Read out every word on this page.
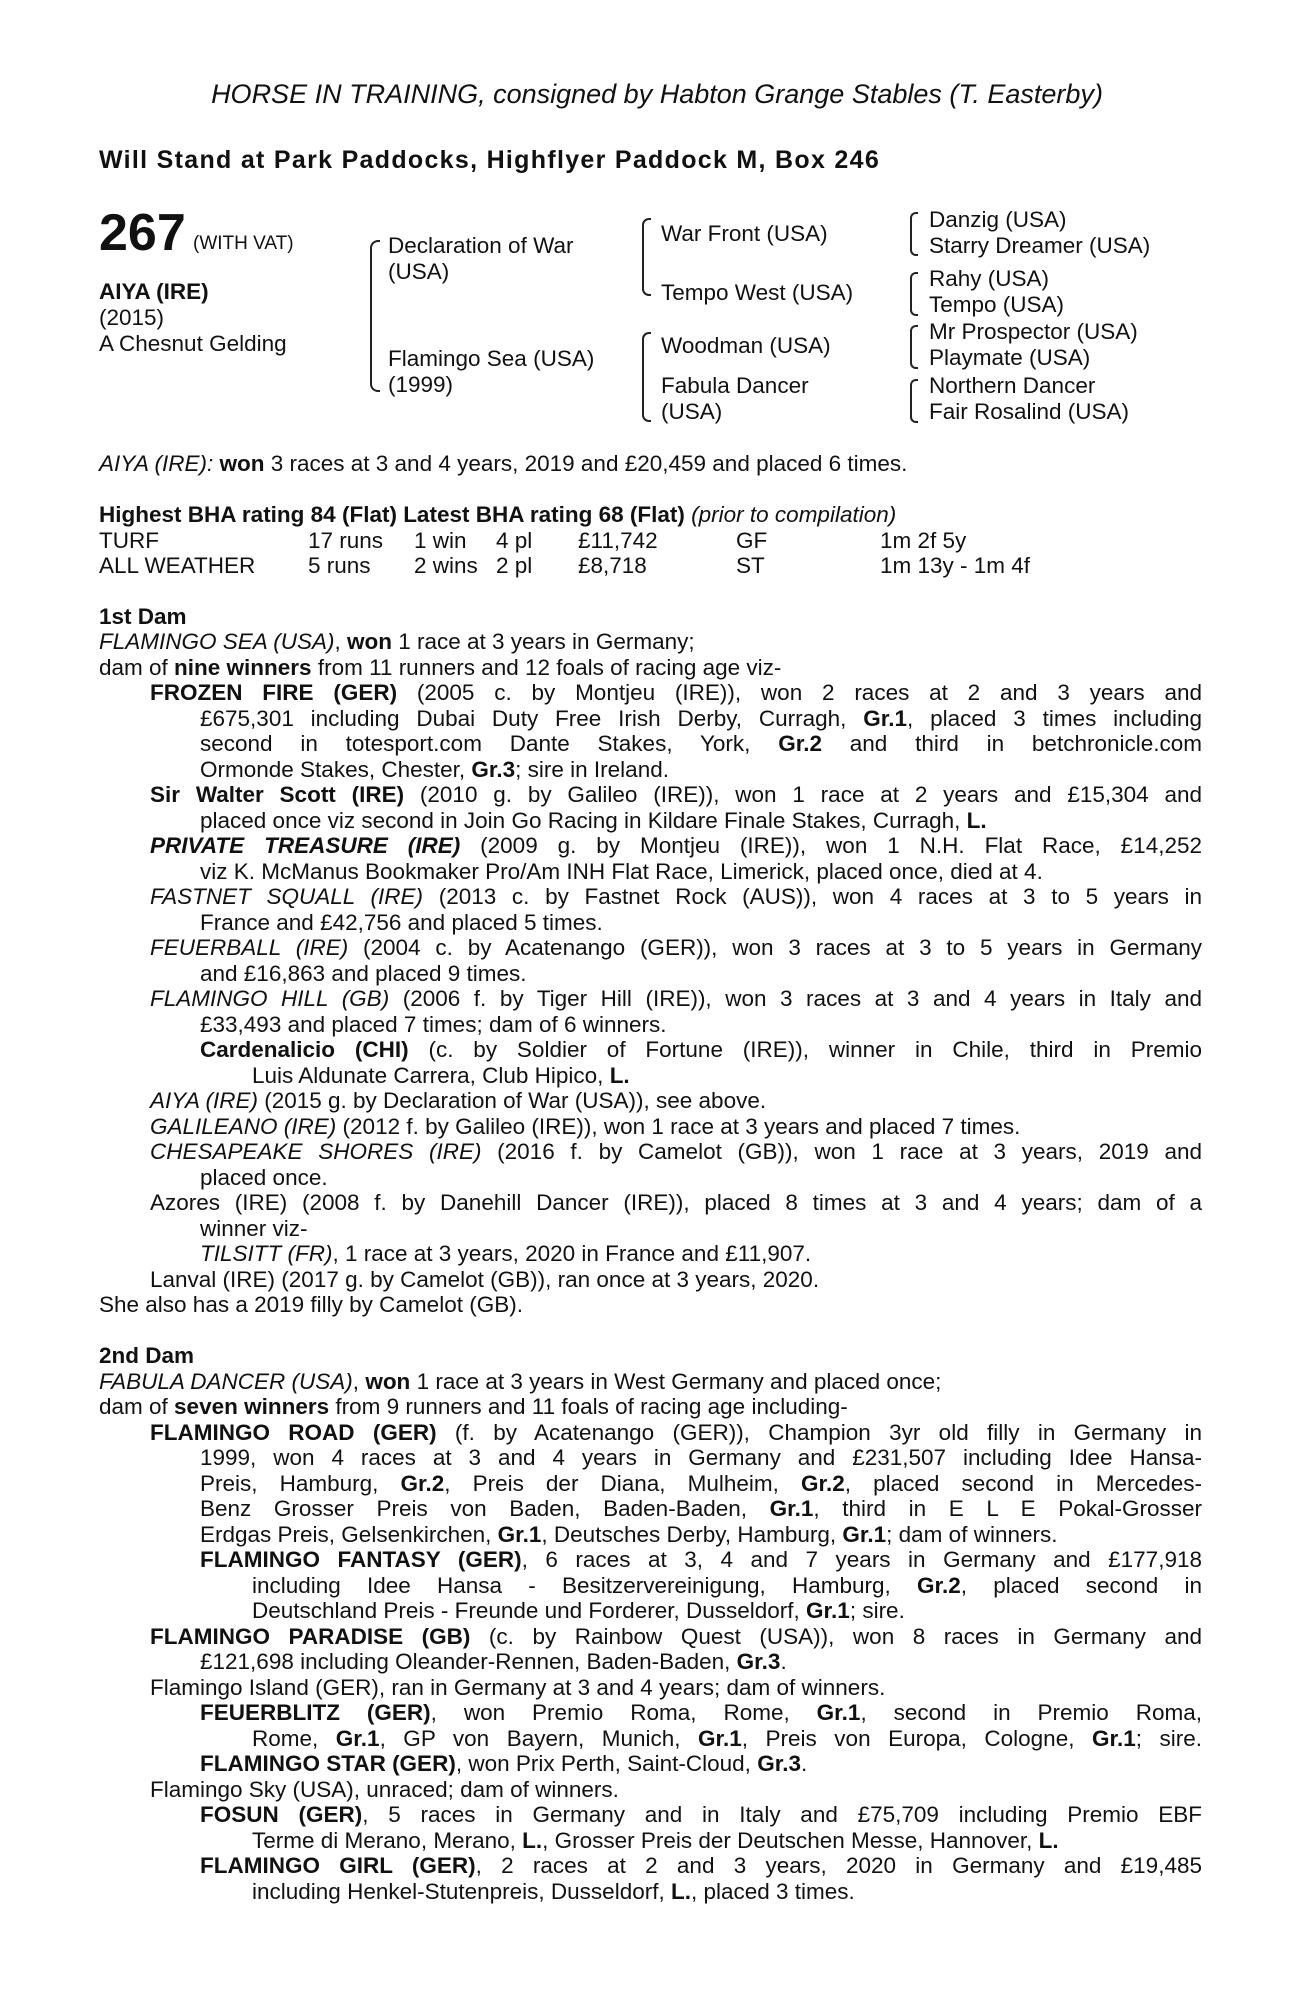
HORSE IN TRAINING, consigned by Habton Grange Stables (T. Easterby)
Will Stand at Park Paddocks, Highflyer Paddock M, Box 246
267 (WITH VAT)
AIYA (IRE)
(2015)
A Chesnut Gelding
Declaration of War
(USA)
Flamingo Sea (USA)
(1999)
War Front (USA)
Tempo West (USA)
Woodman (USA)
Fabula Dancer
(USA)
Danzig (USA)
Starry Dreamer (USA)
Rahy (USA)
Tempo (USA)
Mr Prospector (USA)
Playmate (USA)
Northern Dancer
Fair Rosalind (USA)
AIYA (IRE): won 3 races at 3 and 4 years, 2019 and £20,459 and placed 6 times.
Highest BHA rating 84 (Flat) Latest BHA rating 68 (Flat) (prior to compilation)
TURF	17 runs	1 win	4 pl	£11,742	GF	1m 2f 5y
ALL WEATHER	5 runs	2 wins	2 pl	£8,718	ST	1m 13y - 1m 4f
1st Dam
FLAMINGO SEA (USA), won 1 race at 3 years in Germany;
dam of nine winners from 11 runners and 12 foals of racing age viz-
FROZEN FIRE (GER) (2005 c. by Montjeu (IRE)), won 2 races at 2 and 3 years and
£675,301 including Dubai Duty Free Irish Derby, Curragh, Gr.1, placed 3 times including
second in totesport.com Dante Stakes, York, Gr.2 and third in betchronicle.com
Ormonde Stakes, Chester, Gr.3; sire in Ireland.
Sir Walter Scott (IRE) (2010 g. by Galileo (IRE)), won 1 race at 2 years and £15,304 and
placed once viz second in Join Go Racing in Kildare Finale Stakes, Curragh, L.
PRIVATE TREASURE (IRE) (2009 g. by Montjeu (IRE)), won 1 N.H. Flat Race, £14,252
viz K. McManus Bookmaker Pro/Am INH Flat Race, Limerick, placed once, died at 4.
FASTNET SQUALL (IRE) (2013 c. by Fastnet Rock (AUS)), won 4 races at 3 to 5 years in
France and £42,756 and placed 5 times.
FEUERBALL (IRE) (2004 c. by Acatenango (GER)), won 3 races at 3 to 5 years in Germany
and £16,863 and placed 9 times.
FLAMINGO HILL (GB) (2006 f. by Tiger Hill (IRE)), won 3 races at 3 and 4 years in Italy and
£33,493 and placed 7 times; dam of 6 winners.
Cardenalicio (CHI) (c. by Soldier of Fortune (IRE)), winner in Chile, third in Premio
Luis Aldunate Carrera, Club Hipico, L.
AIYA (IRE) (2015 g. by Declaration of War (USA)), see above.
GALILEANO (IRE) (2012 f. by Galileo (IRE)), won 1 race at 3 years and placed 7 times.
CHESAPEAKE SHORES (IRE) (2016 f. by Camelot (GB)), won 1 race at 3 years, 2019 and
placed once.
Azores (IRE) (2008 f. by Danehill Dancer (IRE)), placed 8 times at 3 and 4 years; dam of a
winner viz-
TILSITT (FR), 1 race at 3 years, 2020 in France and £11,907.
Lanval (IRE) (2017 g. by Camelot (GB)), ran once at 3 years, 2020.
She also has a 2019 filly by Camelot (GB).
2nd Dam
FABULA DANCER (USA), won 1 race at 3 years in West Germany and placed once;
dam of seven winners from 9 runners and 11 foals of racing age including-
FLAMINGO ROAD (GER) (f. by Acatenango (GER)), Champion 3yr old filly in Germany in
1999, won 4 races at 3 and 4 years in Germany and £231,507 including Idee Hansa-
Preis, Hamburg, Gr.2, Preis der Diana, Mulheim, Gr.2, placed second in Mercedes-
Benz Grosser Preis von Baden, Baden-Baden, Gr.1, third in E L E Pokal-Grosser
Erdgas Preis, Gelsenkirchen, Gr.1, Deutsches Derby, Hamburg, Gr.1; dam of winners.
FLAMINGO FANTASY (GER), 6 races at 3, 4 and 7 years in Germany and £177,918
including Idee Hansa - Besitzervereinigung, Hamburg, Gr.2, placed second in
Deutschland Preis - Freunde und Forderer, Dusseldorf, Gr.1; sire.
FLAMINGO PARADISE (GB) (c. by Rainbow Quest (USA)), won 8 races in Germany and
£121,698 including Oleander-Rennen, Baden-Baden, Gr.3.
Flamingo Island (GER), ran in Germany at 3 and 4 years; dam of winners.
FEUERBLITZ (GER), won Premio Roma, Rome, Gr.1, second in Premio Roma,
Rome, Gr.1, GP von Bayern, Munich, Gr.1, Preis von Europa, Cologne, Gr.1; sire.
FLAMINGO STAR (GER), won Prix Perth, Saint-Cloud, Gr.3.
Flamingo Sky (USA), unraced; dam of winners.
FOSUN (GER), 5 races in Germany and in Italy and £75,709 including Premio EBF
Terme di Merano, Merano, L., Grosser Preis der Deutschen Messe, Hannover, L.
FLAMINGO GIRL (GER), 2 races at 2 and 3 years, 2020 in Germany and £19,485
including Henkel-Stutenpreis, Dusseldorf, L., placed 3 times.
